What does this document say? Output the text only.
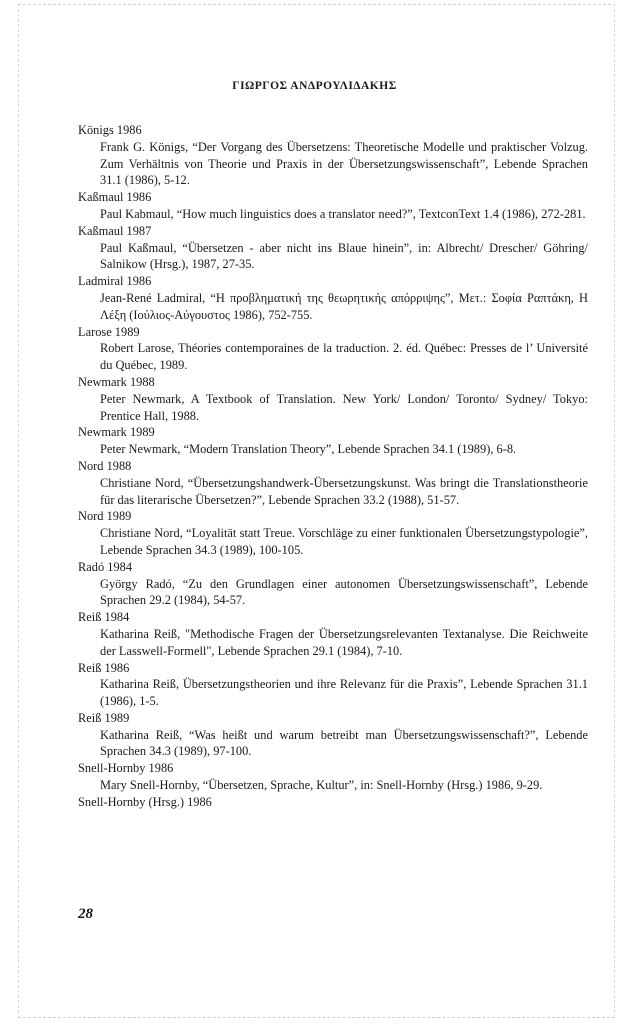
ΓΙΩΡΓΟΣ ΑΝΔΡΟΥΛΙΔΑΚΗΣ
Königs 1986
Frank G. Königs, “Der Vorgang des Übersetzens: Theoretische Modelle und praktischer Volzug. Zum Verhältnis von Theorie und Praxis in der Übersetzungswissenschaft”, Lebende Sprachen 31.1 (1986), 5-12.
Kaßmaul 1986
Paul Kabmaul, “How much linguistics does a translator need?”, TextconText 1.4 (1986), 272-281.
Kaßmaul 1987
Paul Kaßmaul, “Übersetzen - aber nicht ins Blaue hinein”, in: Albrecht/ Drescher/ Göhring/ Salnikow (Hrsg.), 1987, 27-35.
Ladmiral 1986
Jean-René Ladmiral, “Η προβληματική της θεωρητικής απόρριψης”, Μετ.: Σοφία Ραπτάκη, Η Λέξη (Ιούλιος-Αύγουστος 1986), 752-755.
Larose 1989
Robert Larose, Théories contemporaines de la traduction. 2. éd. Québec: Presses de l’ Université du Québec, 1989.
Newmark 1988
Peter Newmark, A Textbook of Translation. New York/ London/ Toronto/ Sydney/ Tokyo: Prentice Hall, 1988.
Newmark 1989
Peter Newmark, “Modern Translation Theory”, Lebende Sprachen 34.1 (1989), 6-8.
Nord 1988
Christiane Nord, “Übersetzungshandwerk-Übersetzungskunst. Was bringt die Translationstheorie für das literarische Übersetzen?”, Lebende Sprachen 33.2 (1988), 51-57.
Nord 1989
Christiane Nord, “Loyalität statt Treue. Vorschläge zu einer funktionalen Übersetzungstypologie”, Lebende Sprachen 34.3 (1989), 100-105.
Radó 1984
György Radó, “Zu den Grundlagen einer autonomen Übersetzungswissenschaft”, Lebende Sprachen 29.2 (1984), 54-57.
Reiß 1984
Katharina Reiß, "Methodische Fragen der Übersetzungsrelevanten Textanalyse. Die Reichweite der Lasswell-Formell", Lebende Sprachen 29.1 (1984), 7-10.
Reiß 1986
Katharina Reiß, Übersetzungstheorien und ihre Relevanz für die Praxis”, Lebende Sprachen 31.1 (1986), 1-5.
Reiß 1989
Katharina Reiß, “Was heißt und warum betreibt man Übersetzungswissenschaft?”, Lebende Sprachen 34.3 (1989), 97-100.
Snell-Hornby 1986
Mary Snell-Hornby, “Übersetzen, Sprache, Kultur”, in: Snell-Hornby (Hrsg.) 1986, 9-29.
Snell-Hornby (Hrsg.) 1986
28
